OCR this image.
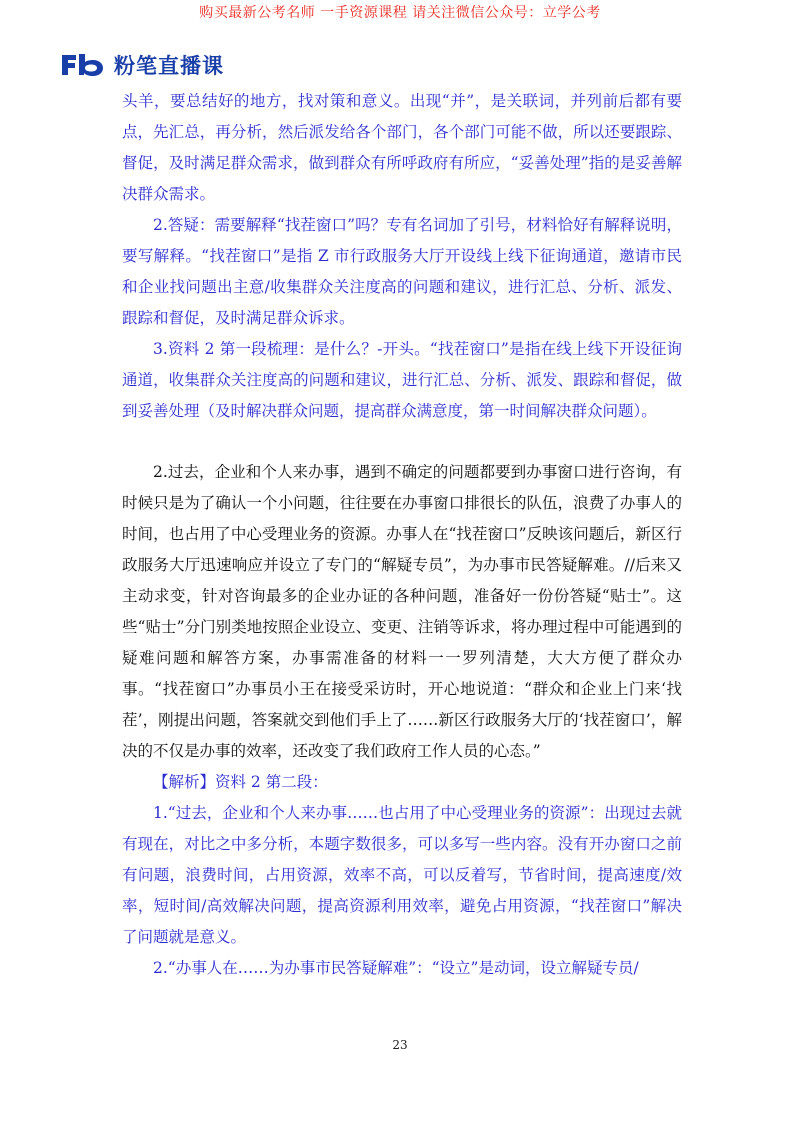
购买最新公考名师 一手资源课程 请关注微信公众号：立学公考
粉笔直播课

头羊，要总结好的地方，找对策和意义。出现“并”，是关联词，并列前后都有要点，先汇总，再分析，然后派发给各个部门，各个部门可能不做，所以还要跟踪、督促，及时满足群众需求，做到群众有所呼政府有所应，“妥善处理”指的是妥善解决群众需求。

2.答疑：需要解释“找茬窗口”吗？专有名词加了引号，材料恰好有解释说明，要写解释。“找茬窗口”是指 Z 市行政服务大厅开设线上线下征询通道，邀请市民和企业找问题出主意/收集群众关注度高的问题和建议，进行汇总、分析、派发、跟踪和督促，及时满足群众诉求。

3.资料 2 第一段梳理：是什么？-开头。“找茬窗口”是指在线上线下开设征询通道，收集群众关注度高的问题和建议，进行汇总、分析、派发、跟踪和督促，做到妥善处理（及时解决群众问题，提高群众满意度，第一时间解决群众问题）。

2.过去，企业和个人来办事，遇到不确定的问题都要到办事窗口进行咨询，有时候只是为了确认一个小问题，往往要在办事窗口排很长的队伍，浪费了办事人的时间，也占用了中心受理业务的资源。办事人在“找茬窗口”反映该问题后，新区行政服务大厅迅速响应并设立了专门的“解疑专员”，为办事市民答疑解难。//后来又主动求变，针对咨询最多的企业办证的各种问题，准备好一份份答疑“贴士”。这些“贴士”分门别类地按照企业设立、变更、注销等诉求，将办理过程中可能遇到的疑难问题和解答方案，办事需准备的材料一一罗列清楚，大大方便了群众办事。“找茬窗口”办事员小王在接受采访时，开心地说道：“群众和企业上门来‘找茬’，刚提出问题，答案就交到他们手上了……新区行政服务大厅的‘找茬窗口’，解决的不仅是办事的效率，还改变了我们政府工作人员的心态。”

【解析】资料 2 第二段：

1.“过去，企业和个人来办事……也占用了中心受理业务的资源”：出现过去就有现在，对比之中多分析，本题字数很多，可以多写一些内容。没有开办窗口之前有问题，浪费时间，占用资源，效率不高，可以反着写，节省时间，提高速度/效率，短时间/高效解决问题，提高资源利用效率，避免占用资源，“找茬窗口”解决了问题就是意义。

2.“办事人在……为办事市民答疑解难”：“设立”是动词，设立解疑专员/

23
